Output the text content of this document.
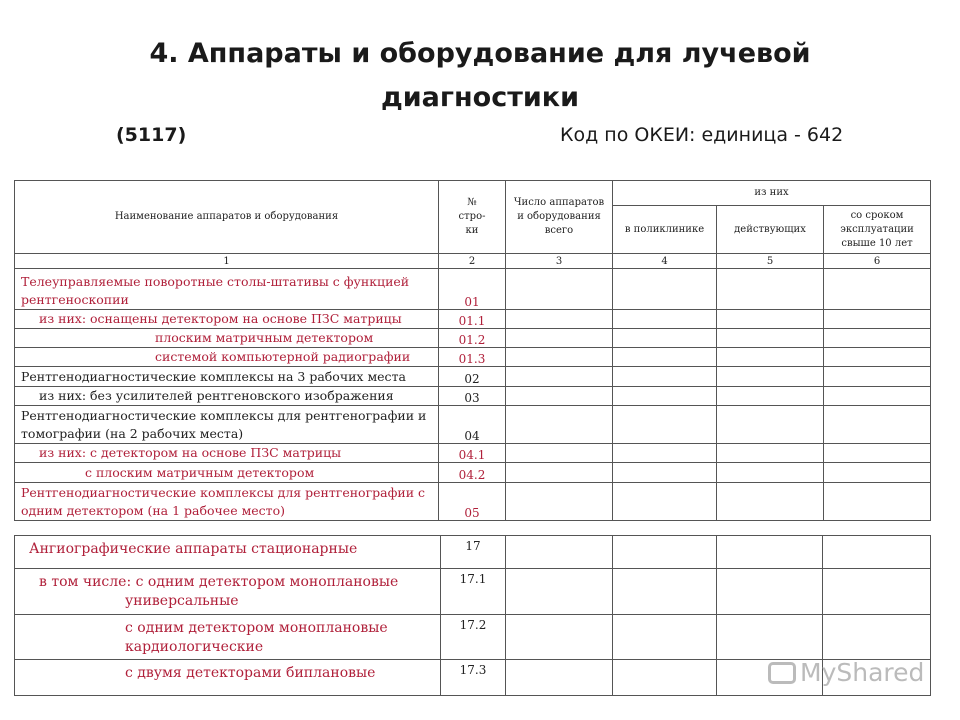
4. Аппараты и оборудование для лучевой
диагностики
(5117)	Код по ОКЕИ: единица - 642
Наименование аппаратов и оборудования	№ стро-ки	Число аппаратов и оборудования всего	из них		
			в поликлинике	действующих	со сроком эксплуатации свыше 10 лет
1	2	3	4	5	6
Телеуправляемые поворотные столы-штативы с функцией рентгеноскопии	01				
из них: оснащены детектором на основе ПЗС матрицы	01.1				
плоским матричным детектором	01.2				
системой компьютерной радиографии	01.3				
Рентгенодиагностические комплексы на 3 рабочих места	02				
из них: без усилителей рентгеновского изображения	03				
Рентгенодиагностические комплексы для рентгенографии и томографии (на 2 рабочих места)	04				
из них: с детектором на основе ПЗС матрицы	04.1				
с плоским матричным детектором	04.2				
Рентгенодиагностические комплексы для рентгенографии с одним детектором (на 1 рабочее место)	05				
Ангиографические аппараты стационарные	17				

в том числе: с одним детектором моноплановые
универсальные	17.1				

с одним детектором моноплановые
кардиологические	17.2				

с двумя детекторами биплановые	17.3					MyShared
